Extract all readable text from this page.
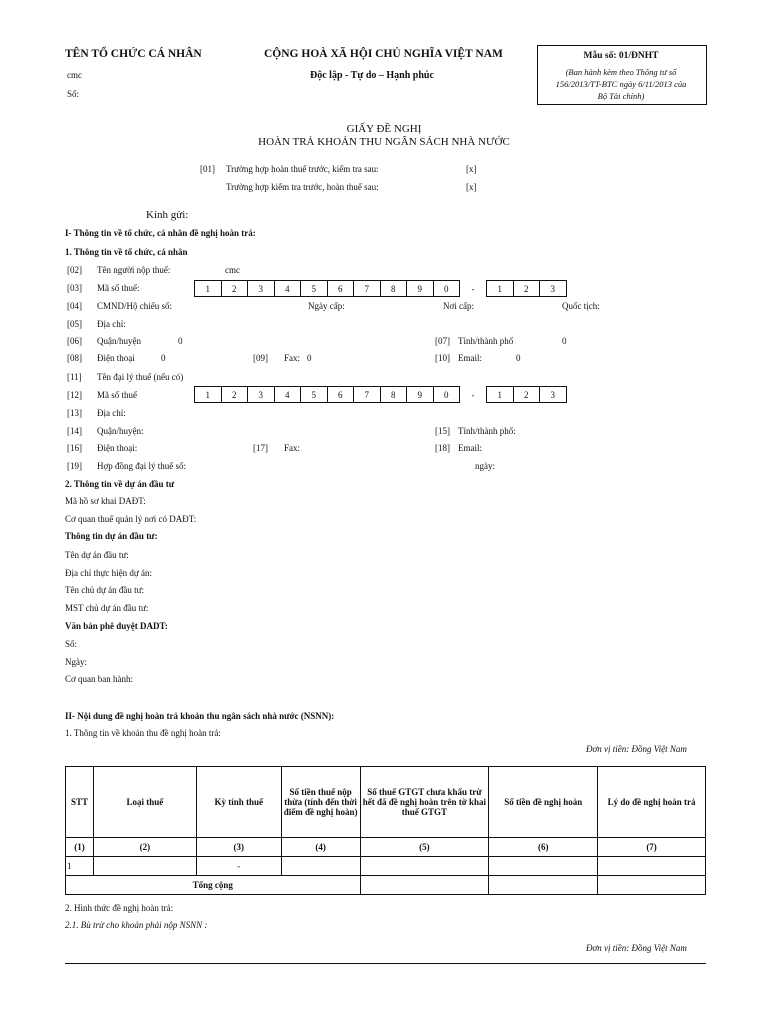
TÊN TỔ CHỨC CÁ NHÂN
cmc
Số:
CỘNG HOÀ XÃ HỘI CHỦ NGHĨA VIỆT NAM
Độc lập - Tự do – Hạnh phúc
Mẫu số: 01/ĐNHT
(Ban hành kèm theo Thông tư số
156/2013/TT-BTC ngày 6/11/2013 của
Bộ Tài chính)
GIẤY ĐỀ NGHỊ
HOÀN TRẢ KHOẢN THU NGÂN SÁCH NHÀ NƯỚC
[01] Trường hợp hoàn thuế trước, kiểm tra sau:	[x]
Trường hợp kiểm tra trước, hoàn thuế sau:	[x]
Kính gửi:
I- Thông tin về tổ chức, cá nhân đề nghị hoàn trả:
1. Thông tin về tổ chức, cá nhân
[02] Tên người nộp thuế:	cmc
[03] Mã số thuế:	1	2	3	4	5	6	7	8	9	0	-	1	2	3
[04] CMND/Hộ chiếu số:	Ngày cấp:	Nơi cấp:	Quốc tịch:
[05] Địa chỉ:
[06] Quận/huyện	0	[07] Tỉnh/thành phố	0
[08] Điện thoại	0	[09] Fax: 0	[10] Email:	0
[11] Tên đại lý thuế (nếu có)
[12] Mã số thuế	1	2	3	4	5	6	7	8	9	0	-	1	2	3
[13] Địa chỉ:
[14] Quận/huyện:	[15] Tỉnh/thành phố:
[16] Điện thoại:	[17] Fax:	[18] Email:
[19] Hợp đồng đại lý thuế số:	ngày:
2. Thông tin về dự án đầu tư
Mã hồ sơ khai DAĐT:
Cơ quan thuế quản lý nơi có DAĐT:
Thông tin dự án đầu tư:
Tên dự án đầu tư:
Địa chỉ thực hiện dự án:
Tên chủ dự án đầu tư:
MST chủ dự án đầu tư:
Văn bản phê duyệt DADT:
Số:
Ngày:
Cơ quan ban hành:
II- Nội dung đề nghị hoàn trả khoản thu ngân sách nhà nước (NSNN):
1. Thông tin về khoản thu đề nghị hoàn trả:
Đơn vị tiền: Đồng Việt Nam
STT	Loại thuế	Kỳ tính thuế	Số tiền thuế nộp thừa (tính đến thời điểm đề nghị hoàn)	Số thuế GTGT chưa khấu trừ hết đã đề nghị hoàn trên tờ khai thuế GTGT	Số tiền đề nghị hoàn	Lý do đề nghị hoàn trả
(1)	(2)	(3)	(4)	(5)	(6)	(7)
1		-				
Tổng cộng						
2. Hình thức đề nghị hoàn trả:
2.1. Bù trừ cho khoản phải nộp NSNN :
Đơn vị tiền: Đồng Việt Nam
